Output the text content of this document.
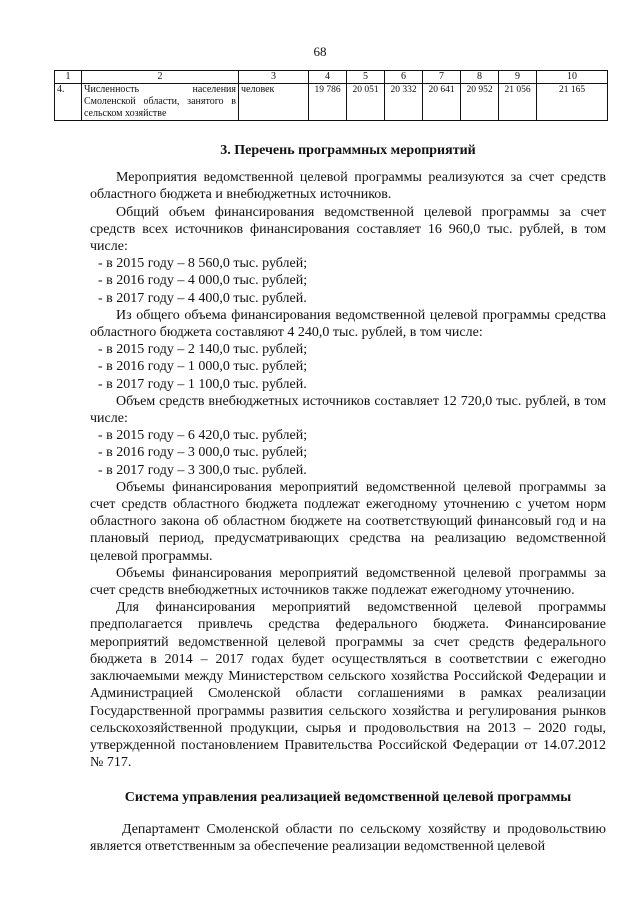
68
1	2	3	4	5	6	7	8	9	10
4.	Численность населения Смоленской области, занятого в сельском хозяйстве	человек	19 786	20 051	20 332	20 641	20 952	21 056	21 165
3. Перечень программных мероприятий

Мероприятия ведомственной целевой программы реализуются за счет средств областного бюджета и внебюджетных источников.

Общий объем финансирования ведомственной целевой программы за счет средств всех источников финансирования составляет 16 960,0 тыс. рублей, в том числе:

- в 2015 году – 8 560,0 тыс. рублей;
- в 2016 году – 4 000,0 тыс. рублей;
- в 2017 году – 4 400,0 тыс. рублей.

Из общего объема финансирования ведомственной целевой программы средства областного бюджета составляют 4 240,0 тыс. рублей, в том числе:

- в 2015 году – 2 140,0 тыс. рублей;
- в 2016 году – 1 000,0 тыс. рублей;
- в 2017 году – 1 100,0 тыс. рублей.

Объем средств внебюджетных источников составляет 12 720,0 тыс. рублей, в том числе:

- в 2015 году – 6 420,0 тыс. рублей;
- в 2016 году – 3 000,0 тыс. рублей;
- в 2017 году – 3 300,0 тыс. рублей.

Объемы финансирования мероприятий ведомственной целевой программы за счет средств областного бюджета подлежат ежегодному уточнению с учетом норм областного закона об областном бюджете на соответствующий финансовый год и на плановый период, предусматривающих средства на реализацию ведомственной целевой программы.

Объемы финансирования мероприятий ведомственной целевой программы за счет средств внебюджетных источников также подлежат ежегодному уточнению.

Для финансирования мероприятий ведомственной целевой программы предполагается привлечь средства федерального бюджета. Финансирование мероприятий ведомственной целевой программы за счет средств федерального бюджета в 2014 – 2017 годах будет осуществляться в соответствии с ежегодно заключаемыми между Министерством сельского хозяйства Российской Федерации и Администрацией Смоленской области соглашениями в рамках реализации Государственной программы развития сельского хозяйства и регулирования рынков сельскохозяйственной продукции, сырья и продовольствия на 2013 – 2020 годы, утвержденной постановлением Правительства Российской Федерации от 14.07.2012 № 717.

Система управления реализацией ведомственной целевой программы

Департамент Смоленской области по сельскому хозяйству и продовольствию является ответственным за обеспечение реализации ведомственной целевой
